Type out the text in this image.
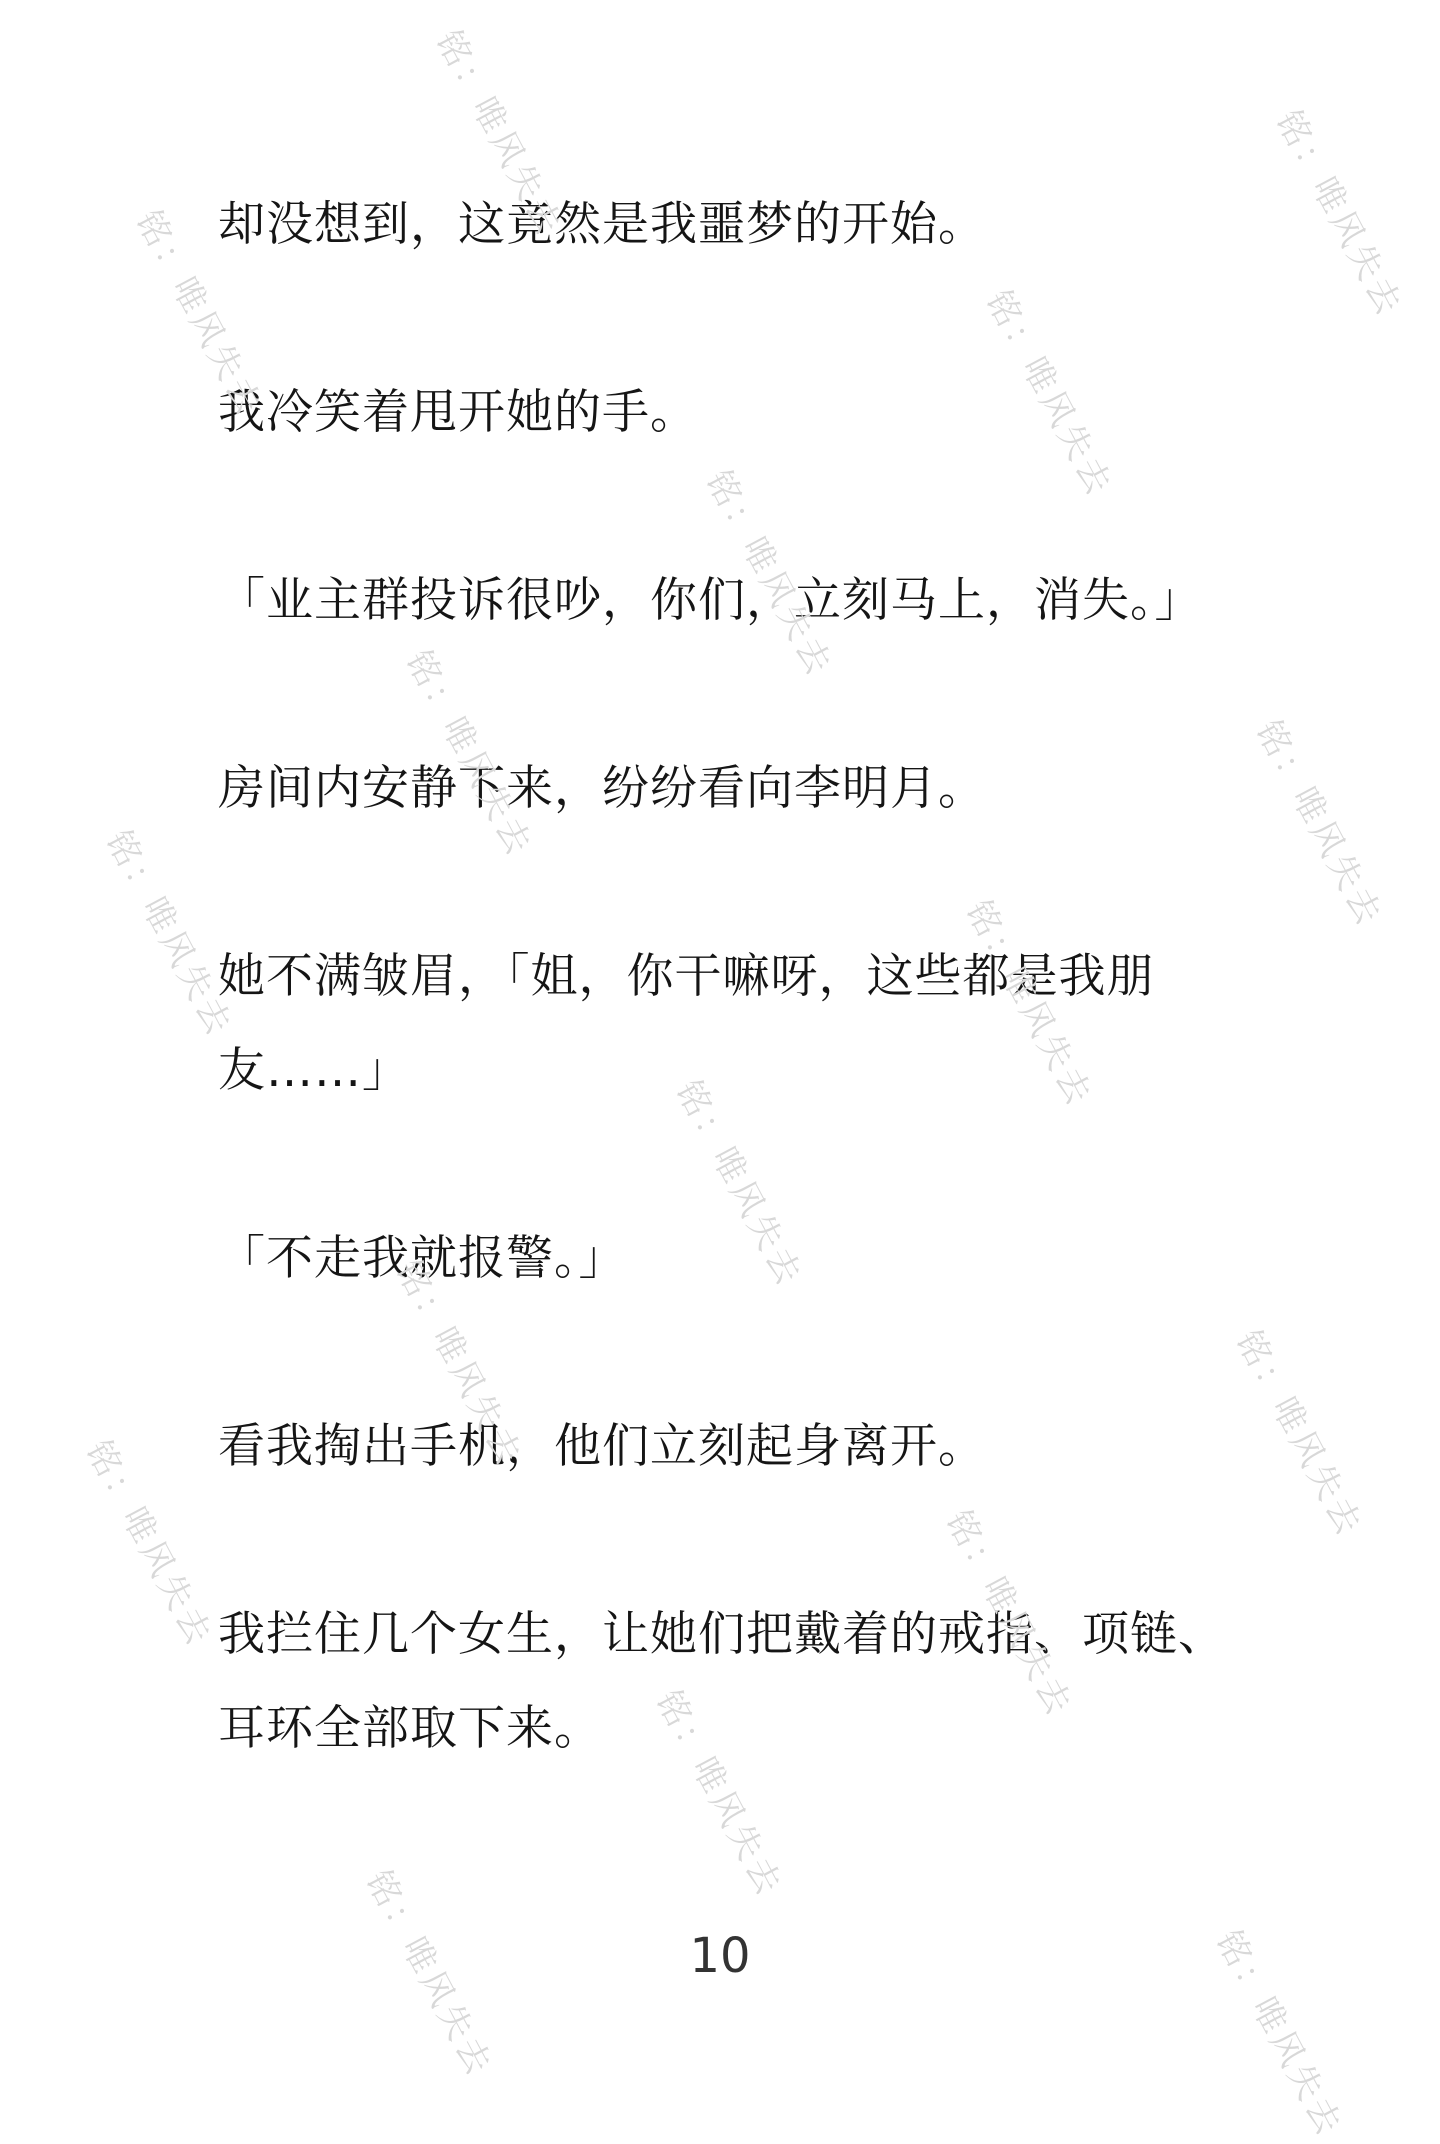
却没想到，这竟然是我噩梦的开始。

我冷笑着甩开她的手。

「业主群投诉很吵，你们，立刻马上，消失。」

房间内安静下来，纷纷看向李明月。

她不满皱眉，「姐，你干嘛呀，这些都是我朋友……」

「不走我就报警。」

看我掏出手机，他们立刻起身离开。

我拦住几个女生，让她们把戴着的戒指、项链、耳环全部取下来。

10
铭：唯风失去	铭：唯风失去
铭：唯风失去	铭：唯风失去
铭：唯风失去
铭：唯风失去	铭：唯风失去
铭：唯风失去	铭：唯风失去
铭：唯风失去
铭：唯风失去	铭：唯风失去
铭：唯风失去	铭：唯风失去
铭：唯风失去
铭：唯风失去	铭：唯风失去
